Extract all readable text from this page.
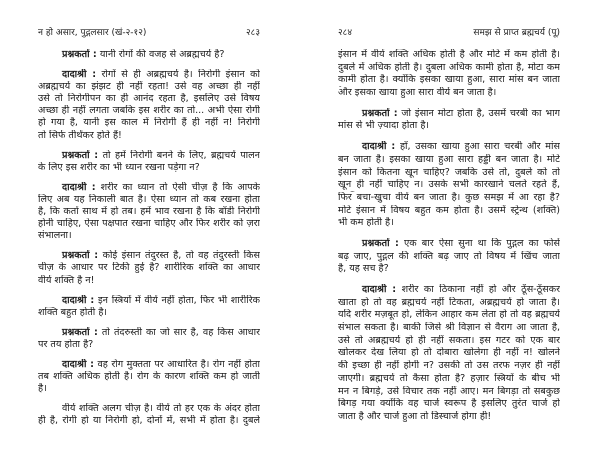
न हो असार, पुद्गलसार (खं-२-१२)	२८३
प्रश्नकर्ता : यानी रोगों की वजह से अब्रह्मचर्य है?
दादाश्री : रोगों से ही अब्रह्मचर्य है। निरोगी इंसान को
अब्रह्मचर्य का झंझट ही नहीं रहता! उसे वह अच्छा ही नहीं
उसे तो निरोगीपन का ही आनंद रहता है, इसलिए उसे विषय
अच्छा ही नहीं लगता जबकि इस शरीर का तो... अभी ऐसा रोगी
हो गया है, यानी इस काल में निरोगी हैं ही नहीं न! निरोगी
तो सिर्फ तीर्थंकर होते हैं!
प्रश्नकर्ता : तो हमें निरोगी बनने के लिए, ब्रह्मचर्य पालन
के लिए इस शरीर का भी ध्यान रखना पड़ेगा न?
दादाश्री : शरीर का ध्यान तो ऐसी चीज़ है कि आपके
लिए अब यह निकाली बात है। ऐसा ध्यान तो कब रखना होता
है, कि कर्ता साथ में हो तब। हमें भाव रखना है कि बॉडी निरोगी
होनी चाहिए, ऐसा पक्षपात रखना चाहिए और फिर शरीर को ज़रा
संभालना।
प्रश्नकर्ता : कोई इंसान तंदुरस्त है, तो वह तंदुरस्ती किस
चीज़ के आधार पर टिकी हुई है? शारीरिक शक्ति का आधार
वीर्य शक्ति है न!
दादाश्री : इन स्त्रियों में वीर्य नहीं होता, फिर भी शारीरिक
शक्ति बहुत होती है।
प्रश्नकर्ता : तो तंदरुस्ती का जो सार है, वह किस आधार
पर तय होता है?
दादाश्री : वह रोग मुक्तता पर आधारित है। रोग नहीं होता
तब शक्ति अधिक होती है। रोग के कारण शक्ति कम हो जाती
है।
वीर्य शक्ति अलग चीज़ है। वीर्य तो हर एक के अंदर होता
ही है, रोगी हो या निरोगी हो, दोनों में, सभी में होता है। दुबले
२८४	समझ से प्राप्त ब्रह्मचर्य (पू)
इंसान में वीर्य शक्ति अधिक होती है और मोटे में कम होती है।
दुबले में अधिक होती है। दुबला अधिक कामी होता है, मोटा कम
कामी होता है। क्योंकि इसका खाया हुआ, सारा मांस बन जाता
और इसका खाया हुआ सारा वीर्य बन जाता है।
प्रश्नकर्ता : जो इंसान मोटा होता है, उसमें चरबी का भाग
मांस से भी ज़्यादा होता है।
दादाश्री : हाँ, उसका खाया हुआ सारा चरबी और मांस
बन जाता है। इसका खाया हुआ सारा हड्डी बन जाता है। मोटे
इंसान को कितना खून चाहिए? जबकि उसे तो, दुबले को तो
खून ही नहीं चाहिए न। उसके सभी कारखाने चलते रहते हैं,
फिर बचा-खुचा वीर्य बन जाता है। कुछ समझ में आ रहा है?
मोटे इंसान में विषय बहुत कम होता है। उसमें स्ट्रेन्थ (शक्ति)
भी कम होती है।
प्रश्नकर्ता : एक बार ऐसा सुना था कि पुद्गल का फोर्स
बढ़ जाए, पुद्गल की शक्ति बढ़ जाए तो विषय में खिंच जाता
है, यह सच है?
दादाश्री : शरीर का ठिकाना नहीं हो और ठूँस-ठूँसकर
खाता हो तो वह ब्रह्मचर्य नहीं टिकता, अब्रह्मचर्य हो जाता है।
यदि शरीर मज़बूत हो, लेकिन आहार कम लेता हो तो वह ब्रह्मचर्य
संभाल सकता है। बाकी जिसे श्री विज्ञान से वैराग आ जाता है,
उसे तो अब्रह्मचर्य हो ही नहीं सकता। इस गटर को एक बार
खोलकर देख लिया हो तो दोबारा खोलेगा ही नहीं न! खोलने
की इच्छा ही नहीं होगी न? उसकी तो उस तरफ नज़र ही नहीं
जाएगी। ब्रह्मचर्य तो कैसा होता है? हज़ार स्त्रियों के बीच भी
मन न बिगड़े, उसे विचार तक नहीं आए। मन बिगड़ा तो सबकुछ
बिगड़ गया क्योंकि वह चार्ज स्वरूप है इसलिए तुरंत चार्ज हो
जाता है और चार्ज हुआ तो डिस्चार्ज होगा ही!
